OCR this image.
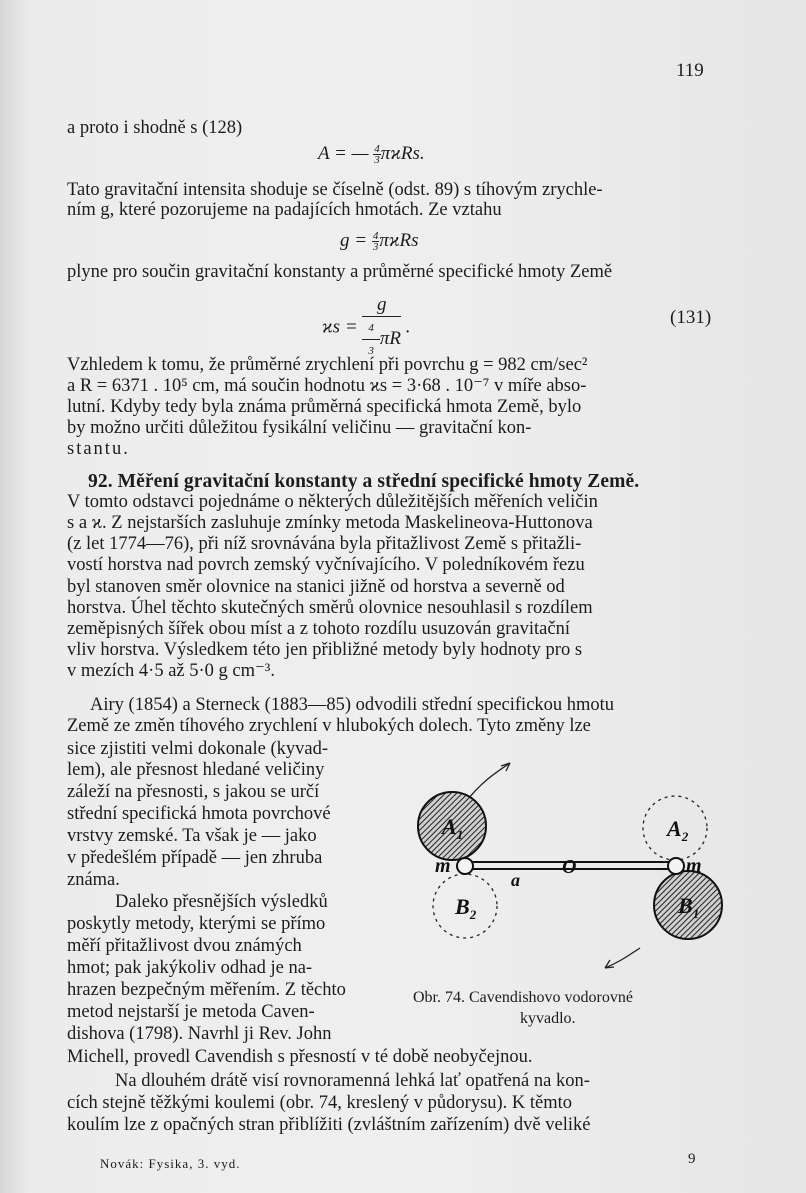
119
a proto i shodně s (128)
A = — $\frac{4}{3} \pi ϰRs$.
Tato gravitační intensita shoduje se číselně (odst. 89) s tíhovým zrychle-
ním g, které pozorujeme na padajících hmotách. Ze vztahu
$g = \frac{4}{3}$ πϰRs
plyne pro součin gravitační konstanty a průměrné specifické hmoty Země
$ϰs = \frac{g}{\frac{4}{3} \pi R}$ .	(131)
Vzhledem k tomu, že průměrné zrychlení při povrchu g = 982 cm/sec²
a R = 6371 . 10⁵ cm, má součin hodnotu ϰs = 3·68 . 10⁻⁷ v míře abso-
lutní. Kdyby tedy byla známa průměrná specifická hmota Země, bylo
by možno určiti důležitou fysikální veličinu — gravitační kon-
stantu.
92. Měření gravitační konstanty a střední specifické hmoty Země.
V tomto odstavci pojednáme o některých důležitějších měřeních veličin
s a ϰ. Z nejstarších zasluhuje zmínky metoda Maskelineova-Huttonova
(z let 1774—76), při níž srovnávána byla přitažlivost Země s přitažli-
vostí horstva nad povrch zemský vyčnívajícího. V poledníkovém řezu
byl stanoven směr olovnice na stanici jižně od horstva a severně od
horstva. Úhel těchto skutečných směrů olovnice nesouhlasil s rozdílem
zeměpisných šířek obou míst a z tohoto rozdílu usuzován gravitační
vliv horstva. Výsledkem této jen přibližné metody byly hodnoty pro s
v mezích 4·5 až 5·0 g cm⁻³.
Airy (1854) a Sterneck (1883—85) odvodili střední specifickou hmotu
Země ze změn tíhového zrychlení v hlubokých dolech. Tyto změny lze
sice zjistiti velmi dokonale (kyvad-
lem), ale přesnost hledané veličiny
záleží na přesnosti, s jakou se určí
střední specifická hmota povrchové
vrstvy zemské. Ta však je — jako
v předešlém případě — jen zhruba
známa.
Daleko přesnějších výsledků
poskytly metody, kterými se přímo
měří přitažlivost dvou známých
hmot; pak jakýkoliv odhad je na-
hrazen bezpečným měřením. Z těchto
metod nejstarší je metoda Caven-
dishova (1798). Navrhl ji Rev. John
Michell, provedl Cavendish s přesností v té době neobyčejnou.
Na dlouhém drátě visí rovnoramenná lehká lať opatřená na kon-
cích stejně těžkými koulemi (obr. 74, kreslený v půdorysu). K těmto
koulím lze z opačných stran přiblížiti (zvláštním zařízením) dvě veliké
$A_1$	$A_2$
$B_2$	$B_1$
m	m
O
a
Obr. 74. Cavendishovo vodorovné
kyvadlo.
Novák: Fysika, 3. vyd.	9
